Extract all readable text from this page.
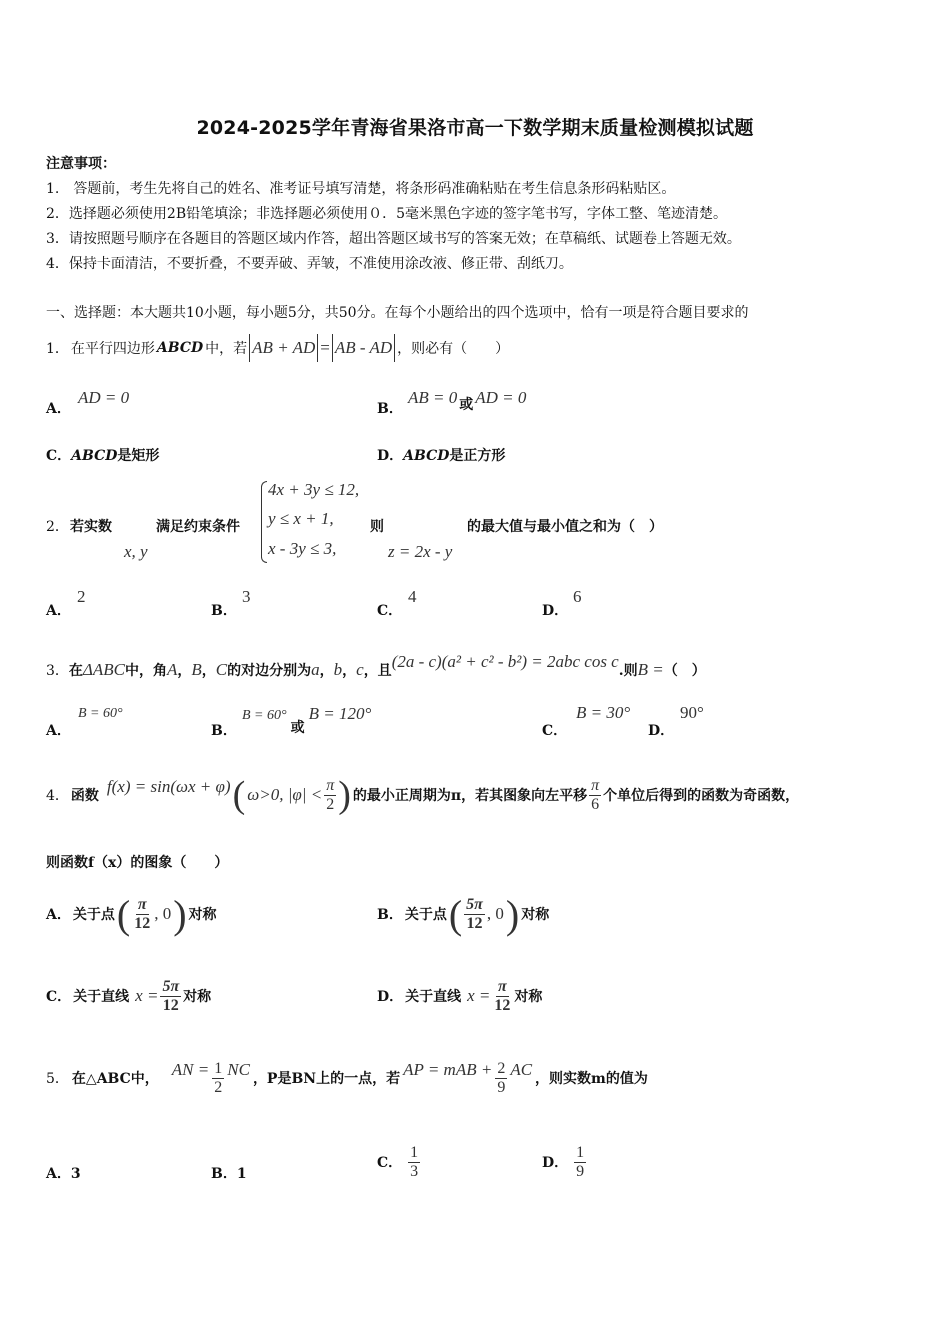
2024-2025学年青海省果洛市高一下数学期末质量检测模拟试题
注意事项：
1.　答题前，考生先将自己的姓名、准考证号填写清楚，将条形码准确粘贴在考生信息条形码粘贴区。
2．选择题必须使用2B铅笔填涂；非选择题必须使用０．5毫米黑色字迹的签字笔书写，字体工整、笔迹清楚。
3．请按照题号顺序在各题目的答题区域内作答，超出答题区域书写的答案无效；在草稿纸、试题卷上答题无效。
4．保持卡面清洁，不要折叠，不要弄破、弄皱，不准使用涂改液、修正带、刮纸刀。
一、选择题：本大题共10小题，每小题5分，共50分。在每个小题给出的四个选项中，恰有一项是符合题目要求的
1． 在平行四边形 ABCD 中，若 AB + AD = AB - AD ，则必有（　　）
A．
AD = 0
B．
AB = 0 或 AD = 0
C．ABCD是矩形	D．ABCD是正方形
2． 若实数
x, y
满足约束条件
4x + 3y ≤ 12,
y ≤ x + 1,
x - 3y ≤ 3,
则
z = 2x - y
的最大值与最小值之和为（　）
A．
2
B．
3
C．
4
D．
6
3． 在 ΔABC 中，角 A ， B ， C 的对边分别为 a ， b ， c ，且 (2a - c)(a² + c² - b²) = 2abc cos c .则 B = （　）
A．
B = 60°
B．
B = 60°
或
B = 120°
C．
B = 30°
D．
90°
4． 函数 f(x) = sin(ωx + φ) ( ω>0, $|\varphi| < \frac{\pi}{2}$ ) 的最小正周期为π，若其图象向左平移 $\frac{\pi}{6}$ 个单位后得到的函数为奇函数，
则函数f（x）的图象（　　）
A． 关于点 ( $\frac{\pi}{12}$ , 0 ) 对称	B． 关于点 ( $\frac{5\pi}{12}$ , 0 ) 对称
C． 关于直线 $x = \frac{5\pi}{12}$ 对称	D． 关于直线 $x = \frac{\pi}{12}$ 对称
5． 在△ABC中， AN = $\frac{1}{2}$ NC ，P是BN上的一点，若 AP = mAB + $\frac{2}{9}$ AC ，则实数m的值为
A．3	B．1
C． $\frac{1}{3}$	D． $\frac{1}{9}$
